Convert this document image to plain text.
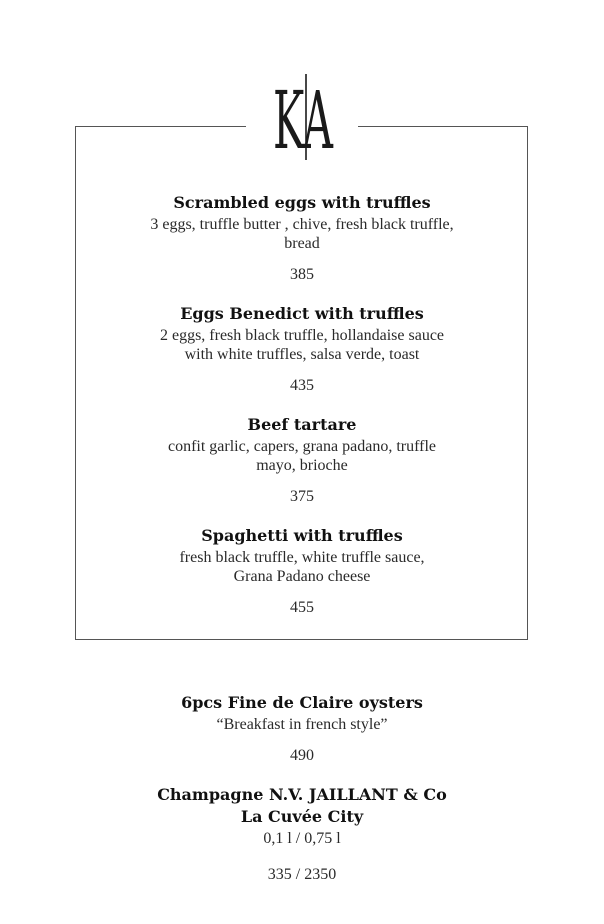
KA
Scrambled eggs with truffles
3 eggs, truffle butter , chive, fresh black truffle,
bread
385
Eggs Benedict with truffles
2 eggs, fresh black truffle, hollandaise sauce
with white truffles, salsa verde, toast
435
Beef tartare
confit garlic, capers, grana padano, truffle
mayo, brioche
375
Spaghetti with truffles
fresh black truffle, white truffle sauce,
Grana Padano cheese
455
6pcs Fine de Claire oysters
“Breakfast in french style”
490
Champagne N.V. JAILLANT & Co
La Cuvée City
0,1 l / 0,75 l
335 / 2350
